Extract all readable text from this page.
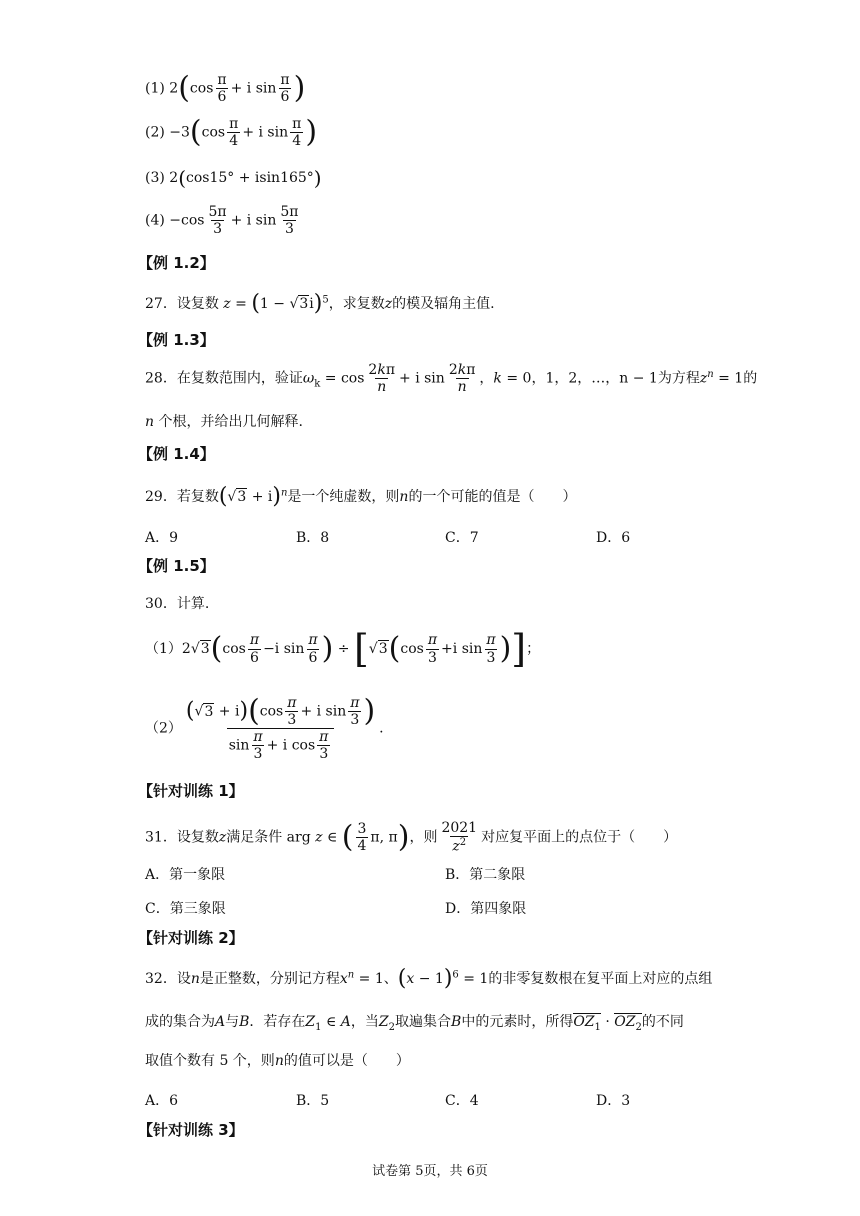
(1) $2(\cos \frac{\pi}{6} + i$ $\sin \frac{\pi}{6}$ )
$(2) -3(\cos \frac{\pi}{4} + i$ $\sin \frac{\pi}{4}$ )
(3) 2(cos15° + isin165°)
$(4) -\cos \frac{5\pi}{3} + i$ $\sin \frac{5\pi}{3}$
【例 1.2】
27．设复数 $z = (1 - √3i)^5$，求复数z的模及辐角主值.
【例 1.3】
28．在复数范围内，验证$\omega_k = \cos \frac{2k\pi}{n} + i$ $\sin \frac{2k\pi}{n}$ ，k = 0，1，2，…，n − 1为方程$z^n = 1$的
n 个根，并给出几何解释.
【例 1.4】
29．若复数$(√3 + i)^n$是一个纯虚数，则n的一个可能的值是（　　）
A．9	B．8	C．7	D．6
【例 1.5】
30．计算.
$(1)2√3(\cos \frac{\pi}{6} -i$ $\sin \frac{\pi}{6}$ ) ÷ [$√3(\cos \frac{\pi}{3} +i$ $\sin \frac{\pi}{3}$ )]；
$(2) \frac{(√3 + i)(\cos \frac{\pi}{3} + i \sin \frac{\pi}{3} )}{\sin \frac{\pi}{3} + i \cos \frac{\pi}{3}}$ .
【针对训练 1】
31．设复数z满足条件 arg z ∈ ( $\frac{3}{4} \pi$, π)，则 $\frac{2021}{z^2}$ 对应复平面上的点位于（　　）
A．第一象限	B．第二象限
C．第三象限	D．第四象限
【针对训练 2】
32．设n是正整数，分别记方程$x^n = 1$、$(x - 1)^6 = 1$的非零复数根在复平面上对应的点组
成的集合为A与B．若存在$Z_1$ ∈ A，当$Z_2$取遍集合B中的元素时，所得$OZ_1 \cdot OZ_2$的不同
取值个数有 5 个，则n的值可以是（　　）
A．6	B．5	C．4	D．3
【针对训练 3】
试卷第 5页，共 6页
